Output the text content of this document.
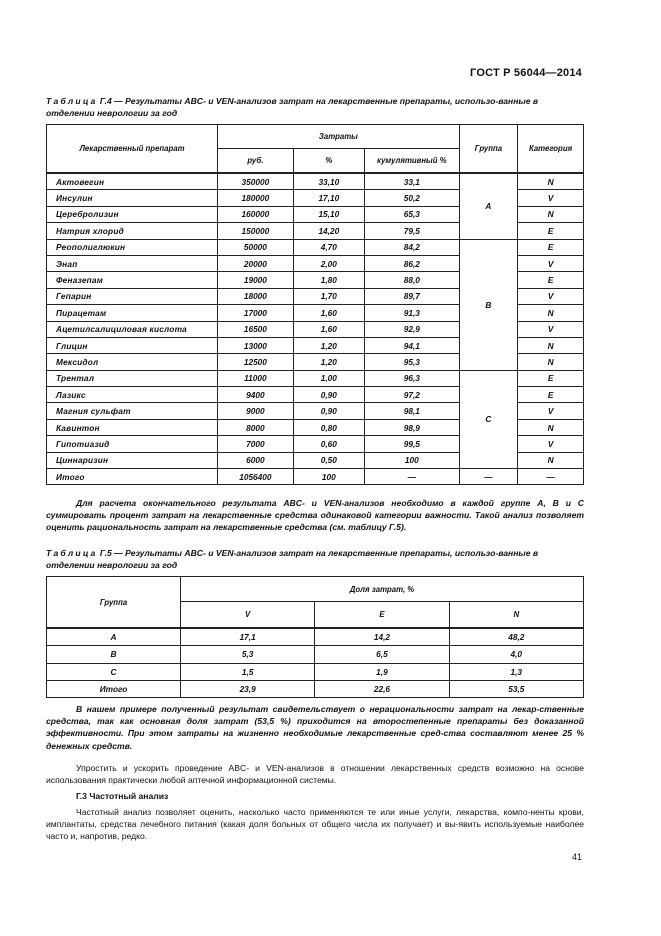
ГОСТ Р 56044—2014
Таблица Г.4 — Результаты ABC- и VEN-анализов затрат на лекарственные препараты, использо-ванные в отделении неврологии за год
Лекарственный препарат	Затраты			Группа	Категория
	руб.	%	кумулятивный %		
Актовегин	350000	33,10	33,1	A	N
Инсулин	180000	17,10	50,2		V
Церебролизин	160000	15,10	65,3		N
Натрия хлорид	150000	14,20	79,5		E
Реополиглюкин	50000	4,70	84,2	B	E
Энап	20000	2,00	86,2		V
Феназепам	19000	1,80	88,0		E
Гепарин	18000	1,70	89,7		V
Пирацетам	17000	1,60	91,3		N
Ацетилсалициловая кислота	16500	1,60	92,9		V
Глицин	13000	1,20	94,1		N
Мексидол	12500	1,20	95,3		N
Трентал	11000	1,00	96,3	C	E
Лазикс	9400	0,90	97,2		E
Магния сульфат	9000	0,90	98,1		V
Кавинтон	8000	0,80	98,9		N
Гипотиазид	7000	0,60	99,5		V
Циннаризин	6000	0,50	100		N
Итого	1056400	100	—	—	—
Для расчета окончательного результата ABC- и VEN-анализов необходимо в каждой группе A, B и C суммировать процент затрат на лекарственные средства одинаковой категории важности. Такой анализ позволяет оценить рациональность затрат на лекарственные средства (см. таблицу Г.5).
Таблица Г.5 — Результаты ABC- и VEN-анализов затрат на лекарственные препараты, использо-ванные в отделении неврологии за год
Группа	Доля затрат, %		
	V	E	N
A	17,1	14,2	48,2
B	5,3	6,5	4,0
C	1,5	1,9	1,3
Итого	23,9	22,6	53,5
В нашем примере полученный результат свидетельствует о нерациональности затрат на лекар-ственные средства, так как основная доля затрат (53,5 %) приходится на второстепенные препараты без доказанной эффективности. При этом затраты на жизненно необходимые лекарственные сред-ства составляют менее 25 % денежных средств.
Упростить и ускорить проведение ABC- и VEN-анализов в отношении лекарственных средств возможно на основе использования практически любой аптечной информационной системы.
Г.3 Частотный анализ
Частотный анализ позволяет оценить, насколько часто применяются те или иные услуги, лекарства, компо-ненты крови, имплантаты, средства лечебного питания (какая доля больных от общего числа их получает) и вы-явить используемые наиболее часто и, напротив, редко.
41
